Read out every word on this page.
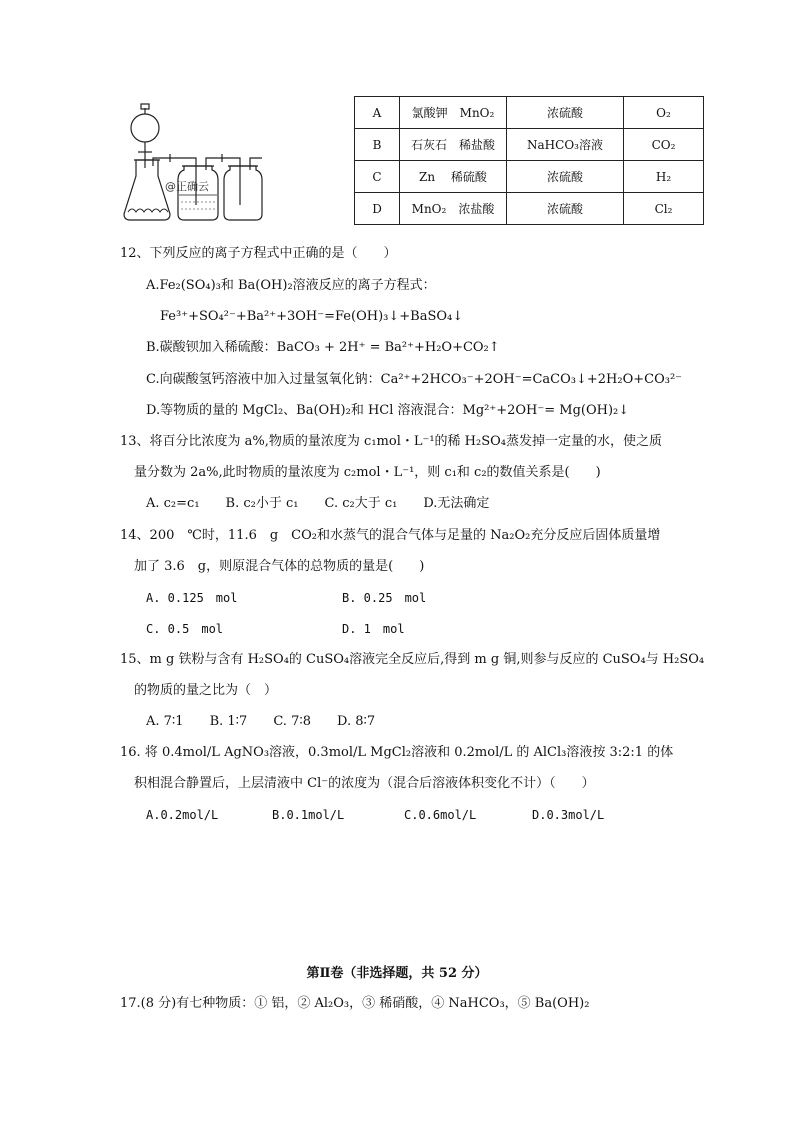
@正确云
A	氯酸钾　MnO₂	浓硫酸	O₂
B	石灰石　稀盐酸	NaHCO₃溶液	CO₂
C	Zn　 稀硫酸	浓硫酸	H₂
D	MnO₂　浓盐酸	浓硫酸	Cl₂
12、下列反应的离子方程式中正确的是（　　）
A.Fe₂(SO₄)₃和 Ba(OH)₂溶液反应的离子方程式：
Fe³⁺+SO₄²⁻+Ba²⁺+3OH⁻=Fe(OH)₃↓+BaSO₄↓
B.碳酸钡加入稀硫酸：BaCO₃ + 2H⁺ = Ba²⁺+H₂O+CO₂↑
C.向碳酸氢钙溶液中加入过量氢氧化钠：Ca²⁺+2HCO₃⁻+2OH⁻=CaCO₃↓+2H₂O+CO₃²⁻
D.等物质的量的 MgCl₂、Ba(OH)₂和 HCl 溶液混合：Mg²⁺+2OH⁻= Mg(OH)₂↓
13、将百分比浓度为 a%,物质的量浓度为 c₁mol・L⁻¹的稀 H₂SO₄蒸发掉一定量的水，使之质
量分数为 2a%,此时物质的量浓度为 c₂mol・L⁻¹，则 c₁和 c₂的数值关系是(　　)
A. c₂=c₁　　B. c₂小于 c₁　　C. c₂大于 c₁　　D.无法确定
14、200　℃时，11.6　g　CO₂和水蒸气的混合气体与足量的 Na₂O₂充分反应后固体质量增
加了 3.6　g，则原混合气体的总物质的量是(　　)
A. 0.125　mol	B. 0.25　mol
C. 0.5　mol	D. 1　mol
15、m g 铁粉与含有 H₂SO₄的 CuSO₄溶液完全反应后,得到 m g 铜,则参与反应的 CuSO₄与 H₂SO₄
的物质的量之比为（　）
A. 7∶1　　B. 1∶7　　C. 7∶8　　D. 8∶7
16. 将 0.4mol/L AgNO₃溶液，0.3mol/L MgCl₂溶液和 0.2mol/L 的 AlCl₃溶液按 3:2:1 的体
积相混合静置后，上层清液中 Cl⁻的浓度为（混合后溶液体积变化不计）（　　）
A.0.2mol/L	B.0.1mol/L	C.0.6mol/L	D.0.3mol/L
第Ⅱ卷（非选择题，共 52 分）
17.(8 分)有七种物质：① 铝，② Al₂O₃，③ 稀硝酸，④ NaHCO₃，⑤ Ba(OH)₂
